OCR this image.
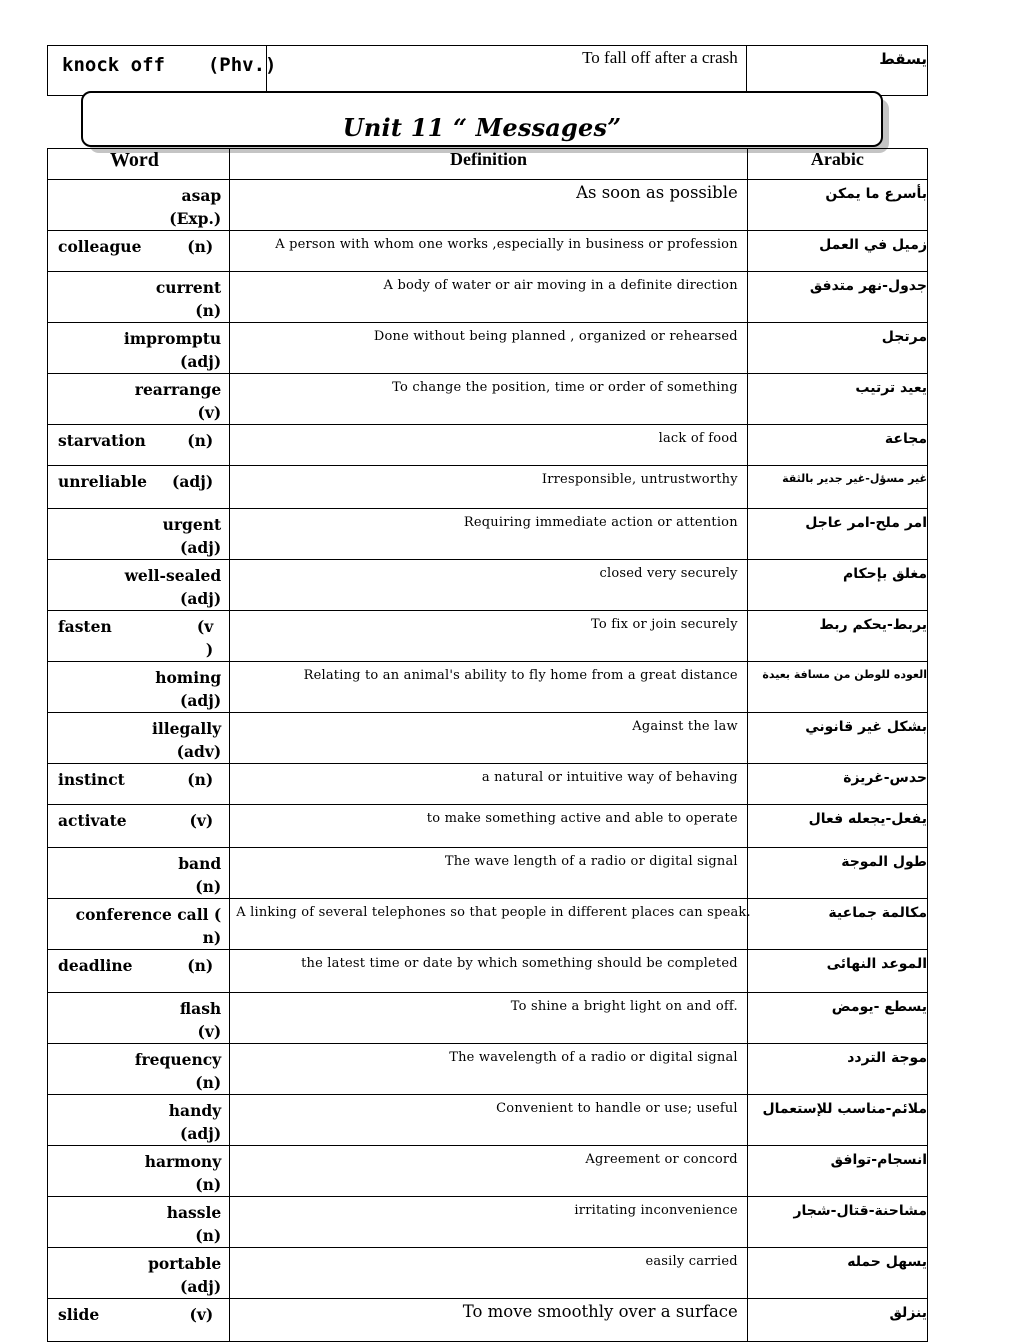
knock off (Phv.)	To fall off after a crash	يسقط
Unit 11 “ Messages”
Word	Definition	Arabic

asap
(Exp.)	As soon as possible	بأسرع ما يمكن

colleague (n)	A person with whom one works ,especially in business or profession	زميل في العمل

current
(n)	A body of water or air moving in a definite direction	جدول-نهر متدفق

impromptu
(adj)	Done without being planned , organized or rehearsed	مرتجل

rearrange
(v)	To change the position, time or order of something	يعيد ترتيب

starvation (n)	lack of food	مجاعة

unreliable (adj)	Irresponsible, untrustworthy	غير مسؤل-غير جدير بالثقة

urgent
(adj)	Requiring immediate action or attention	امر ملح-امر عاجل

well-sealed
(adj)	closed very securely	مغلق بإحكام

fasten (v
)	To fix or join securely	يربط-يحكم ربط

homing
(adj)	Relating to an animal's ability to fly home from a great distance	العوده للوطن من مسافة بعيدة

illegally
(adv)	Against the law	بشكل غير قانوني

instinct (n)	a natural or intuitive way of behaving	حدس-غريزة

activate (v)	to make something active and able to operate	يفعل-يجعله فعال

band
(n)	The wave length of a radio or digital signal	طول الموجة

conference call (
n)	A linking of several telephones so that people in different places can speak.	مكالمة جماعية

deadline (n)	the latest time or date by which something should be completed	الموعد النهائى

flash
(v)	To shine a bright light on and off.	يسطع -يومض

frequency
(n)	The wavelength of a radio or digital signal	موجة التردد

handy
(adj)	Convenient to handle or use; useful	ملائم-مناسب للإستعمال

harmony
(n)	Agreement or concord	انسجام-توافق

hassle
(n)	irritating inconvenience	مشاحنة-قتال-شجار

portable
(adj)	easily carried	يسهل حمله

slide (v)	To move smoothly over a surface	ينزلق
